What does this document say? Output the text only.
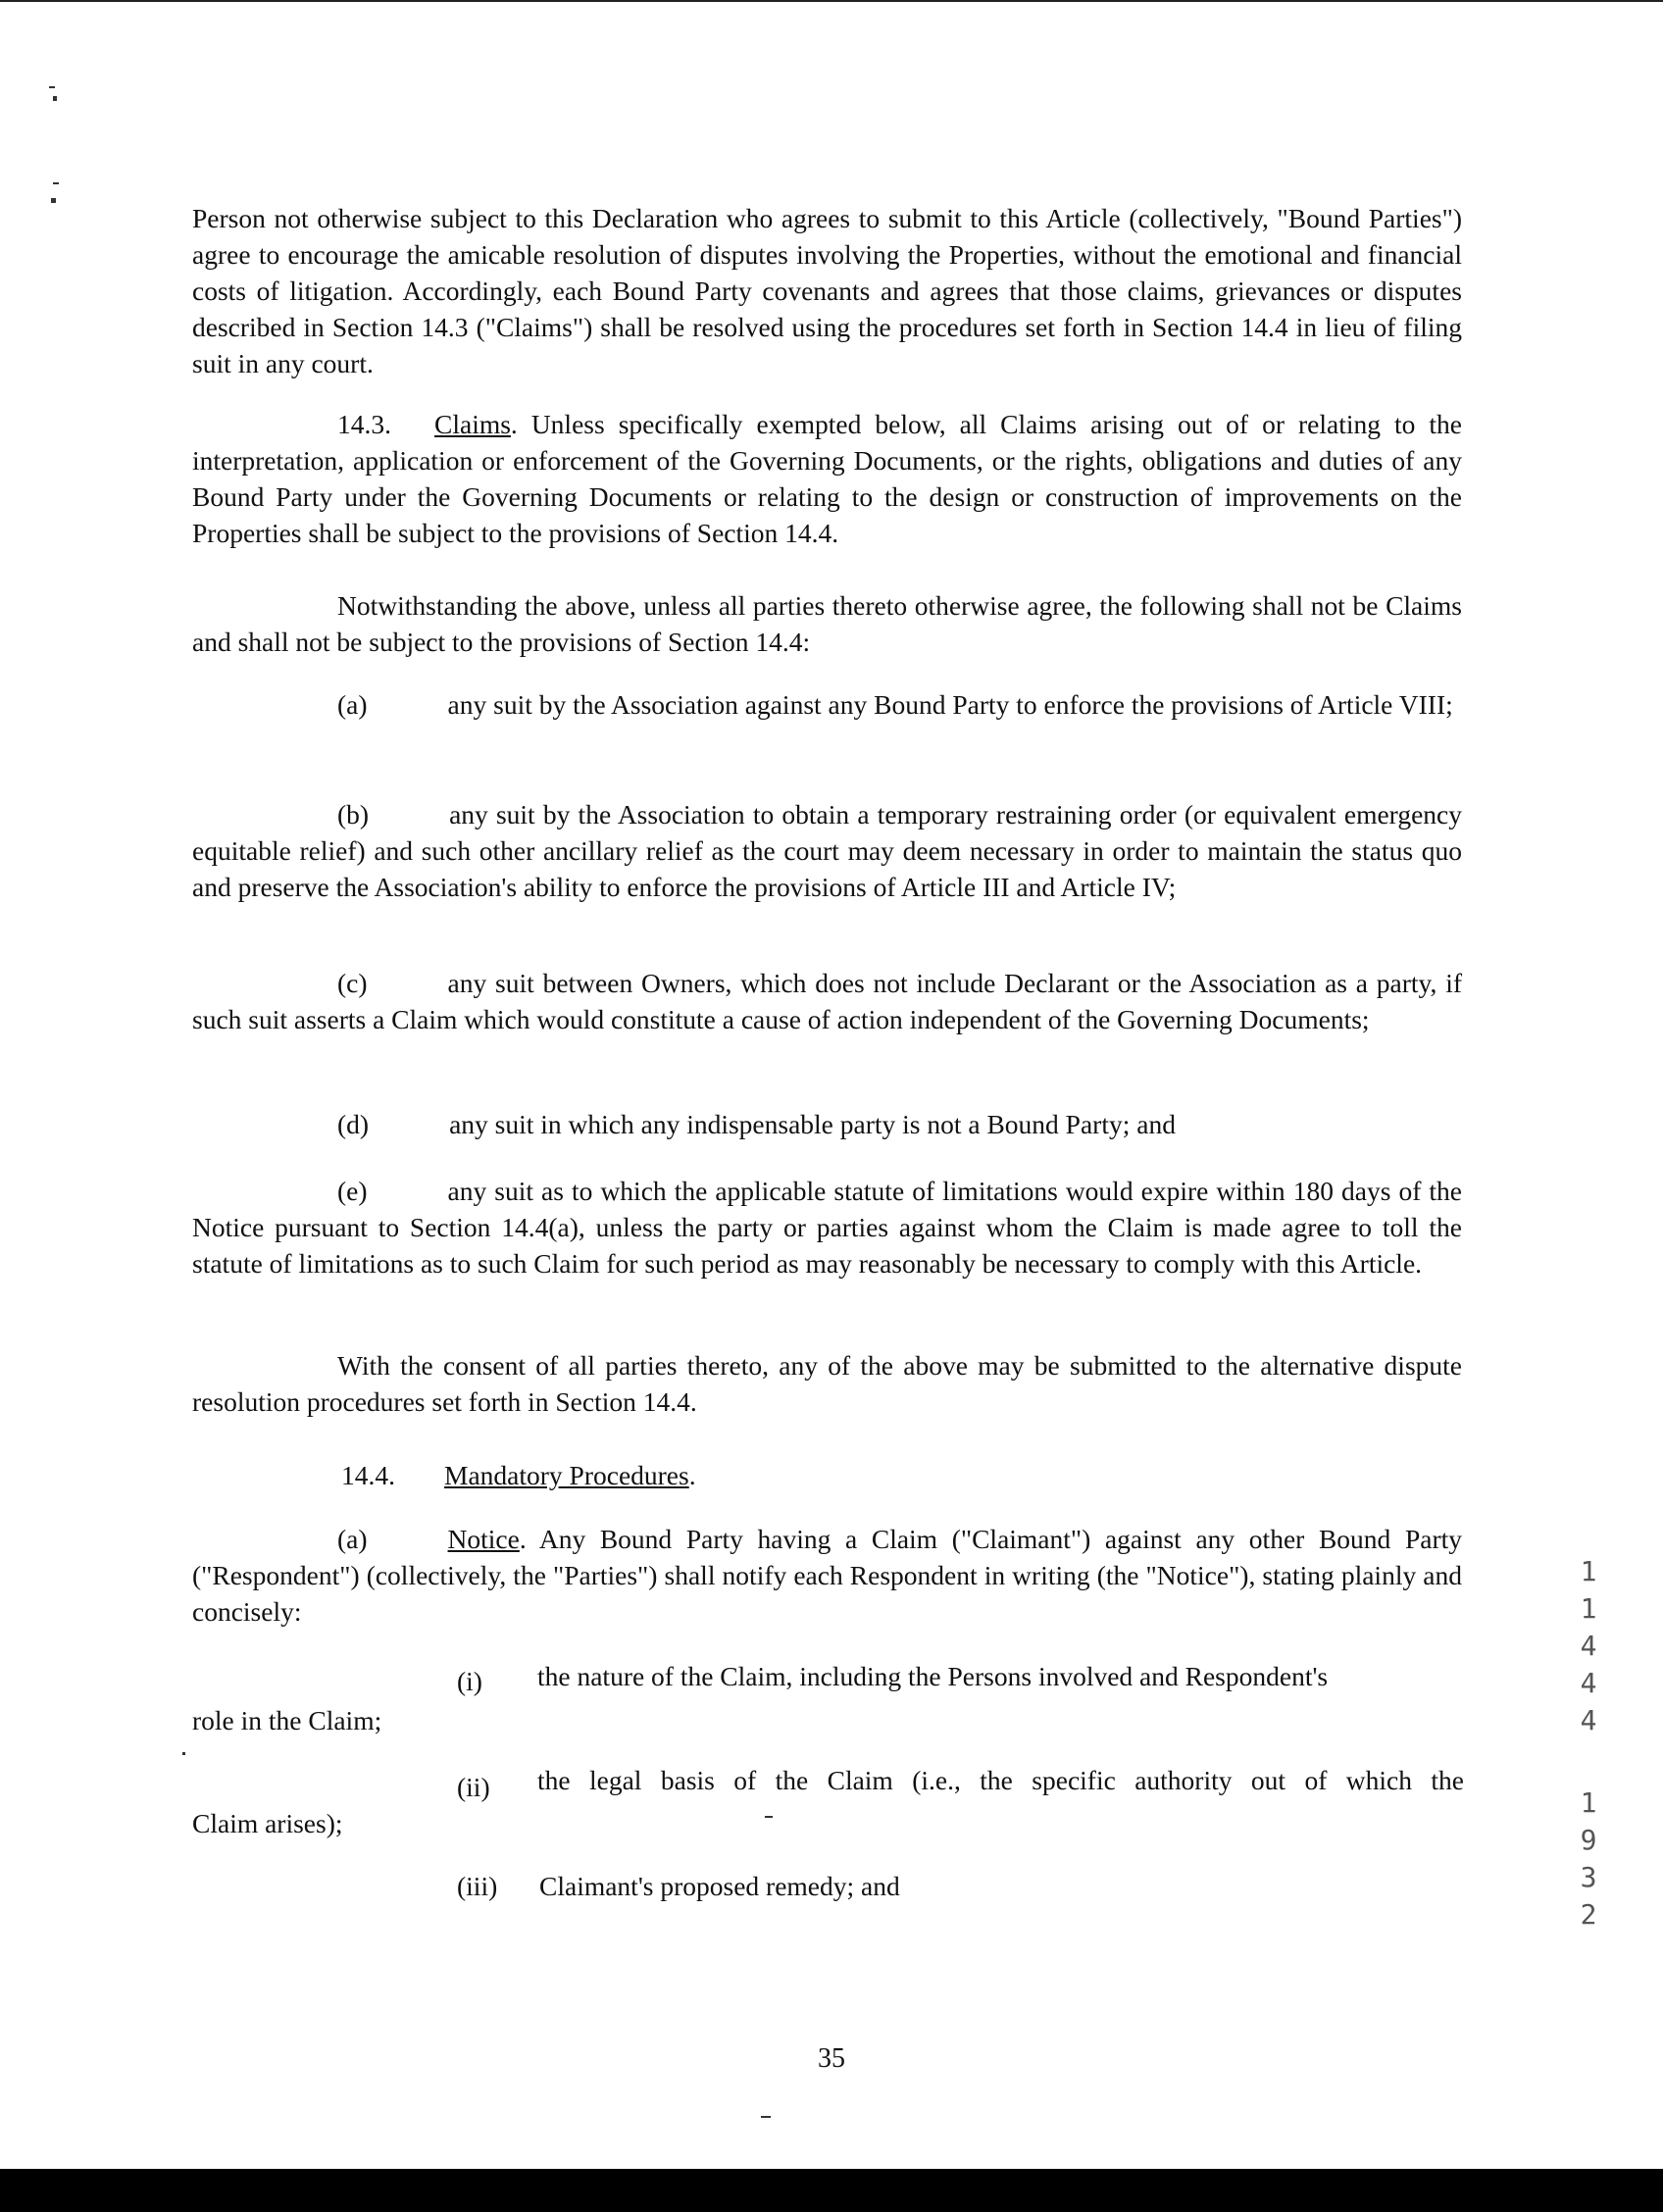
Person not otherwise subject to this Declaration who agrees to submit to this Article (collectively, "Bound Parties") agree to encourage the amicable resolution of disputes involving the Properties, without the emotional and financial costs of litigation. Accordingly, each Bound Party covenants and agrees that those claims, grievances or disputes described in Section 14.3 ("Claims") shall be resolved using the procedures set forth in Section 14.4 in lieu of filing suit in any court.
14.3. Claims. Unless specifically exempted below, all Claims arising out of or relating to the interpretation, application or enforcement of the Governing Documents, or the rights, obligations and duties of any Bound Party under the Governing Documents or relating to the design or construction of improvements on the Properties shall be subject to the provisions of Section 14.4.
Notwithstanding the above, unless all parties thereto otherwise agree, the following shall not be Claims and shall not be subject to the provisions of Section 14.4:
(a)	any suit by the Association against any Bound Party to enforce the provisions of Article VIII;
(b)	any suit by the Association to obtain a temporary restraining order (or equivalent emergency equitable relief) and such other ancillary relief as the court may deem necessary in order to maintain the status quo and preserve the Association's ability to enforce the provisions of Article III and Article IV;
(c)	any suit between Owners, which does not include Declarant or the Association as a party, if such suit asserts a Claim which would constitute a cause of action independent of the Governing Documents;
(d)	any suit in which any indispensable party is not a Bound Party; and
(e)	any suit as to which the applicable statute of limitations would expire within 180 days of the Notice pursuant to Section 14.4(a), unless the party or parties against whom the Claim is made agree to toll the statute of limitations as to such Claim for such period as may reasonably be necessary to comply with this Article.
With the consent of all parties thereto, any of the above may be submitted to the alternative dispute resolution procedures set forth in Section 14.4.
14.4. Mandatory Procedures.
(a)	Notice. Any Bound Party having a Claim ("Claimant") against any other Bound Party ("Respondent") (collectively, the "Parties") shall notify each Respondent in writing (the "Notice"), stating plainly and concisely:
(i) the nature of the Claim, including the Persons involved and Respondent's
role in the Claim;
(ii) the legal basis of the Claim (i.e., the specific authority out of which the
Claim arises);
(iii) Claimant's proposed remedy; and
1
1
4
4
4
1
9
3
2
35
